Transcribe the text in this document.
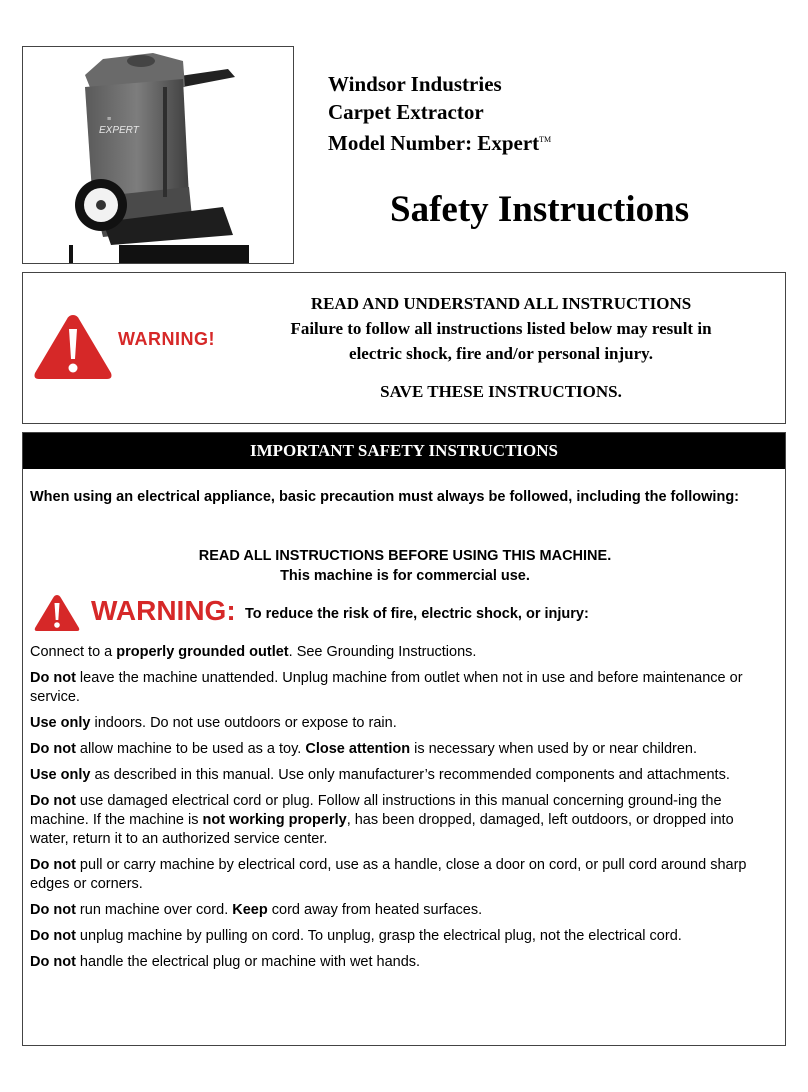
EXPERT
≡
Windsor Industries
Carpet Extractor
Model Number: Expert™
Safety Instructions
WARNING!
READ AND UNDERSTAND ALL INSTRUCTIONS
Failure to follow all instructions listed below may result in
electric shock, fire and/or personal injury.
SAVE THESE INSTRUCTIONS.
IMPORTANT SAFETY INSTRUCTIONS
When using an electrical appliance, basic precaution must always be followed, including the following:
READ ALL INSTRUCTIONS BEFORE USING THIS MACHINE.
This machine is for commercial use.
WARNING: To reduce the risk of fire, electric shock, or injury:
Connect to a properly grounded outlet. See Grounding Instructions.
Do not leave the machine unattended. Unplug machine from outlet when not in use and before maintenance or service.
Use only indoors. Do not use outdoors or expose to rain.
Do not allow machine to be used as a toy. Close attention is necessary when used by or near children.
Use only as described in this manual. Use only manufacturer’s recommended components and attachments.
Do not use damaged electrical cord or plug. Follow all instructions in this manual concerning ground-ing the machine. If the machine is not working properly, has been dropped, damaged, left outdoors, or dropped into water, return it to an authorized service center.
Do not pull or carry machine by electrical cord, use as a handle, close a door on cord, or pull cord around sharp edges or corners.
Do not run machine over cord. Keep cord away from heated surfaces.
Do not unplug machine by pulling on cord. To unplug, grasp the electrical plug, not the electrical cord.
Do not handle the electrical plug or machine with wet hands.
